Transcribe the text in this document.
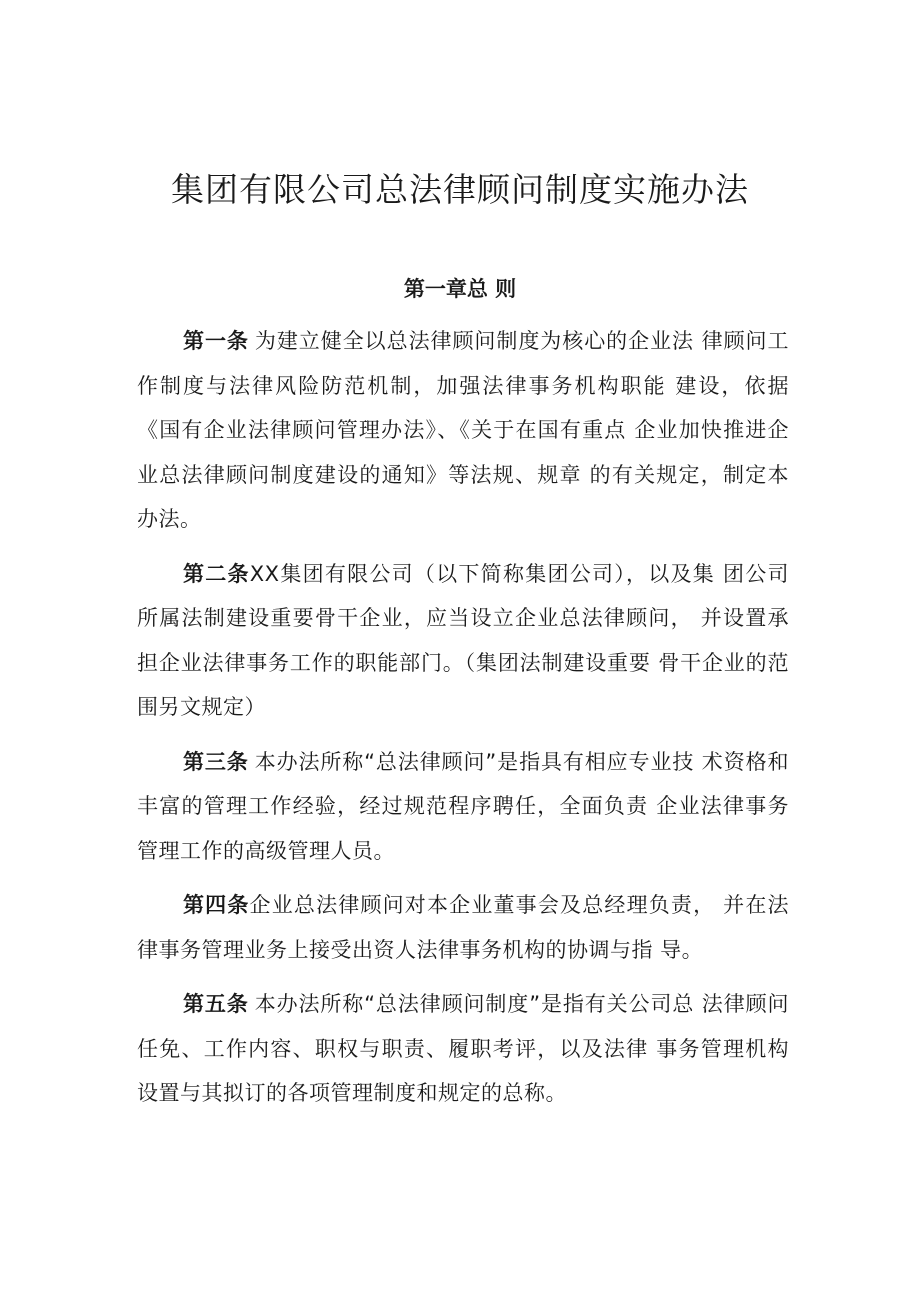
集团有限公司总法律顾问制度实施办法
第一章总 则

第一条 为建立健全以总法律顾问制度为核心的企业法 律顾问工作制度与法律风险防范机制，加强法律事务机构职能 建设，依据《国有企业法律顾问管理办法》、《关于在国有重点 企业加快推进企业总法律顾问制度建设的通知》等法规、规章 的有关规定，制定本办法。

第二条XX集团有限公司（以下简称集团公司），以及集 团公司所属法制建设重要骨干企业，应当设立企业总法律顾问， 并设置承担企业法律事务工作的职能部门。（集团法制建设重要 骨干企业的范围另文规定）

第三条 本办法所称“总法律顾问”是指具有相应专业技 术资格和丰富的管理工作经验，经过规范程序聘任，全面负责 企业法律事务管理工作的高级管理人员。

第四条企业总法律顾问对本企业董事会及总经理负责， 并在法律事务管理业务上接受出资人法律事务机构的协调与指 导。

第五条 本办法所称“总法律顾问制度”是指有关公司总 法律顾问任免、工作内容、职权与职责、履职考评，以及法律 事务管理机构设置与其拟订的各项管理制度和规定的总称。
